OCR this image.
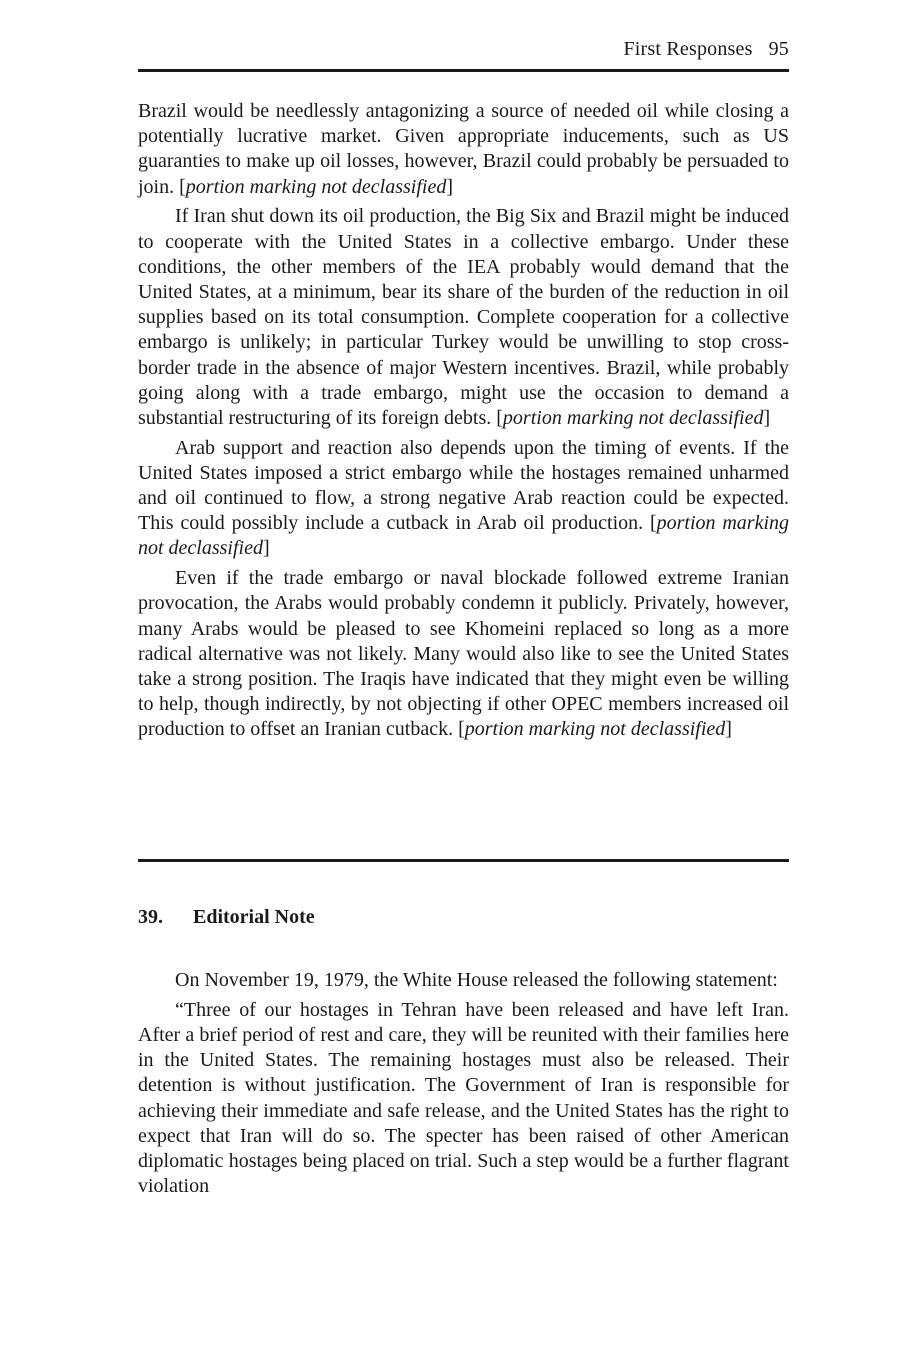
First Responses 95

Brazil would be needlessly antagonizing a source of needed oil while closing a potentially lucrative market. Given appropriate inducements, such as US guaranties to make up oil losses, however, Brazil could probably be persuaded to join. [portion marking not declassified]

If Iran shut down its oil production, the Big Six and Brazil might be induced to cooperate with the United States in a collective embargo. Under these conditions, the other members of the IEA probably would demand that the United States, at a minimum, bear its share of the burden of the reduction in oil supplies based on its total consumption. Complete cooperation for a collective embargo is unlikely; in particular Turkey would be unwilling to stop cross-border trade in the absence of major Western incentives. Brazil, while probably going along with a trade embargo, might use the occasion to demand a substantial restructuring of its foreign debts. [portion marking not declassified]

Arab support and reaction also depends upon the timing of events. If the United States imposed a strict embargo while the hostages remained unharmed and oil continued to flow, a strong negative Arab reaction could be expected. This could possibly include a cutback in Arab oil production. [portion marking not declassified]

Even if the trade embargo or naval blockade followed extreme Iranian provocation, the Arabs would probably condemn it publicly. Privately, however, many Arabs would be pleased to see Khomeini replaced so long as a more radical alternative was not likely. Many would also like to see the United States take a strong position. The Iraqis have indicated that they might even be willing to help, though indirectly, by not objecting if other OPEC members increased oil production to offset an Iranian cutback. [portion marking not declassified]

39. Editorial Note

On November 19, 1979, the White House released the following statement:

“Three of our hostages in Tehran have been released and have left Iran. After a brief period of rest and care, they will be reunited with their families here in the United States. The remaining hostages must also be released. Their detention is without justification. The Government of Iran is responsible for achieving their immediate and safe release, and the United States has the right to expect that Iran will do so. The specter has been raised of other American diplomatic hostages being placed on trial. Such a step would be a further flagrant violation
